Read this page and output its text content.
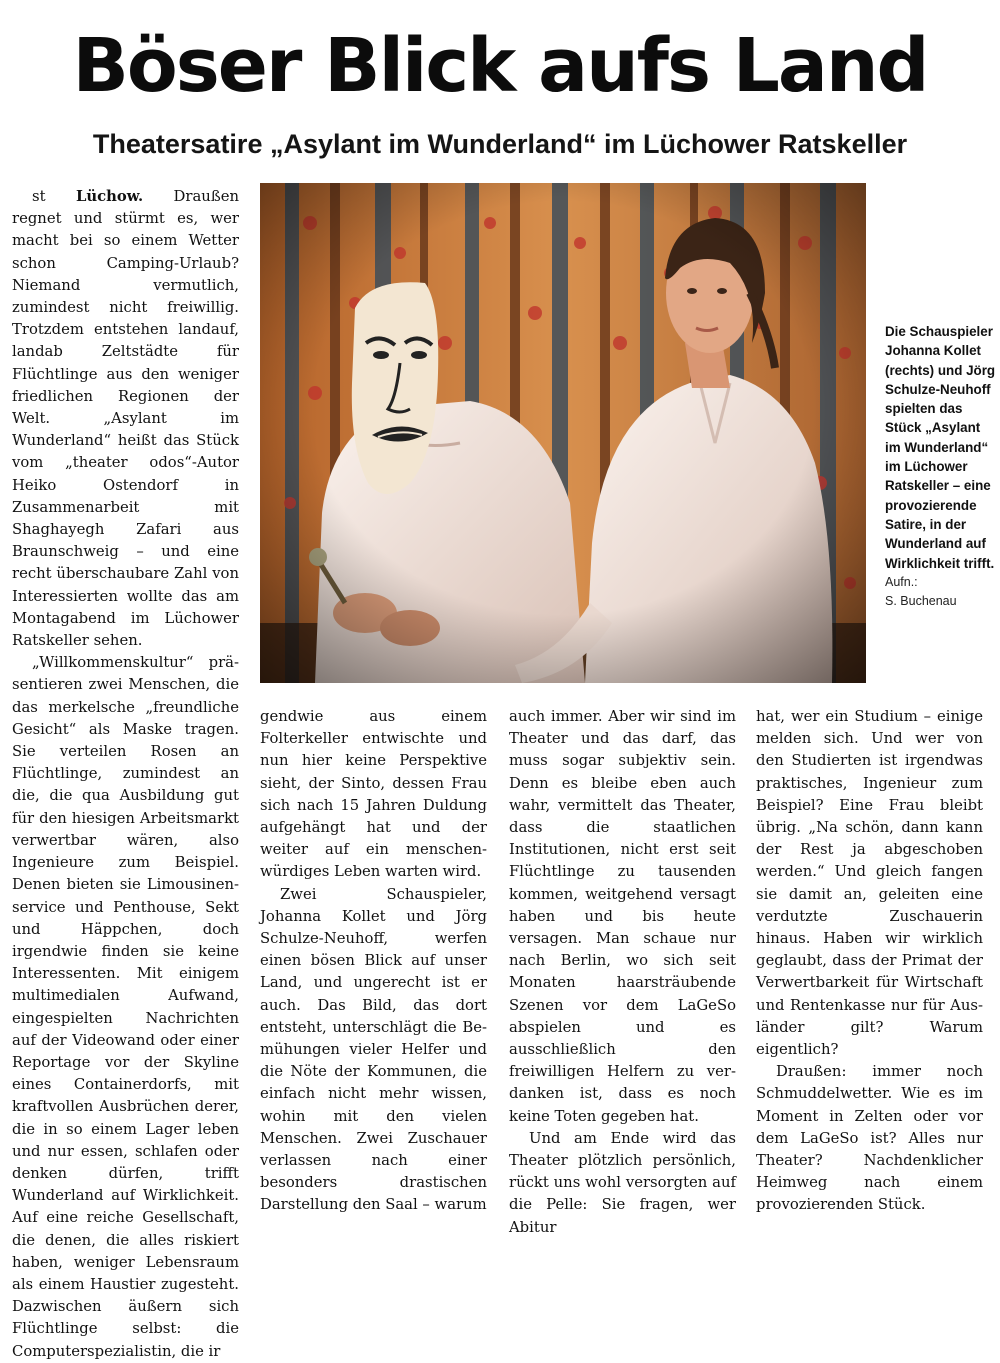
Böser Blick aufs Land
Theatersatire „Asylant im Wunderland“ im Lüchower Ratskeller

st Lüchow. Draußen regnet und stürmt es, wer macht bei so einem Wetter schon Camping-Urlaub? Niemand vermutlich, zumindest nicht freiwillig. Trotzdem entstehen landauf, landab Zeltstädte für Flüchtlinge aus den weniger friedlichen Regionen der Welt. „Asylant im Wunderland“ heißt das Stück vom „theater odos“-Autor Heiko Ostendorf in Zusammenarbeit mit Shaghayegh Zafari aus Braunschweig – und eine recht überschaubare Zahl von Interessierten wollte das am Montagabend im Lüchower Ratskeller sehen.

„Willkommenskultur“ präsentieren zwei Menschen, die das merkelsche „freundliche Gesicht“ als Maske tragen. Sie verteilen Rosen an Flüchtlinge, zumindest an die, die qua Ausbildung gut für den hiesigen Arbeitsmarkt verwertbar wären, also Ingenieure zum Beispiel. Denen bieten sie Limousinenservice und Penthouse, Sekt und Häppchen, doch irgendwie finden sie keine Interessenten. Mit einigem multimedialen Aufwand, eingespielten Nachrichten auf der Videowand oder einer Reportage vor der Skyline eines Containerdorfs, mit kraftvollen Ausbrüchen derer, die in so einem Lager leben und nur essen, schlafen oder denken dürfen, trifft Wunderland auf Wirklichkeit. Auf eine reiche Gesellschaft, die denen, die alles riskiert haben, weniger Lebensraum als einem Haustier zugesteht. Dazwischen äußern sich Flüchtlinge selbst: die Computerspezialistin, die ir

Die Schauspieler Johanna Kollet (rechts) und Jörg Schulze-Neuhoff spielten das Stück „Asylant im Wunderland“ im Lüchower Ratskeller – eine provozierende Satire, in der Wunderland auf Wirklichkeit trifft.
Aufn.:
S. Buchenau

gendwie aus einem Folterkeller entwischte und nun hier keine Perspektive sieht, der Sinto, dessen Frau sich nach 15 Jahren Duldung aufgehängt hat und der weiter auf ein menschenwürdiges Leben warten wird.

Zwei Schauspieler, Johanna Kollet und Jörg Schulze-Neuhoff, werfen einen bösen Blick auf unser Land, und ungerecht ist er auch. Das Bild, das dort entsteht, unterschlägt die Bemühungen vieler Helfer und die Nöte der Kommunen, die einfach nicht mehr wissen, wohin mit den vielen Menschen. Zwei Zuschauer verlassen nach einer besonders drastischen Darstellung den Saal – warum

auch immer. Aber wir sind im Theater und das darf, das muss sogar subjektiv sein. Denn es bleibe eben auch wahr, vermittelt das Theater, dass die staatlichen Institutionen, nicht erst seit Flüchtlinge zu tausenden kommen, weitgehend versagt haben und bis heute versagen. Man schaue nur nach Berlin, wo sich seit Monaten haarsträubende Szenen vor dem LaGeSo abspielen und es ausschließlich den freiwilligen Helfern zu verdanken ist, dass es noch keine Toten gegeben hat.

Und am Ende wird das Theater plötzlich persönlich, rückt uns wohl versorgten auf die Pelle: Sie fragen, wer Abitur

hat, wer ein Studium – einige melden sich. Und wer von den Studierten ist irgendwas praktisches, Ingenieur zum Beispiel? Eine Frau bleibt übrig. „Na schön, dann kann der Rest ja abgeschoben werden.“ Und gleich fangen sie damit an, geleiten eine verdutzte Zuschauerin hinaus. Haben wir wirklich geglaubt, dass der Primat der Verwertbarkeit für Wirtschaft und Rentenkasse nur für Ausländer gilt? Warum eigentlich?

Draußen: immer noch Schmuddelwetter. Wie es im Moment in Zelten oder vor dem LaGeSo ist? Alles nur Theater? Nachdenklicher Heimweg nach einem provozierenden Stück.
